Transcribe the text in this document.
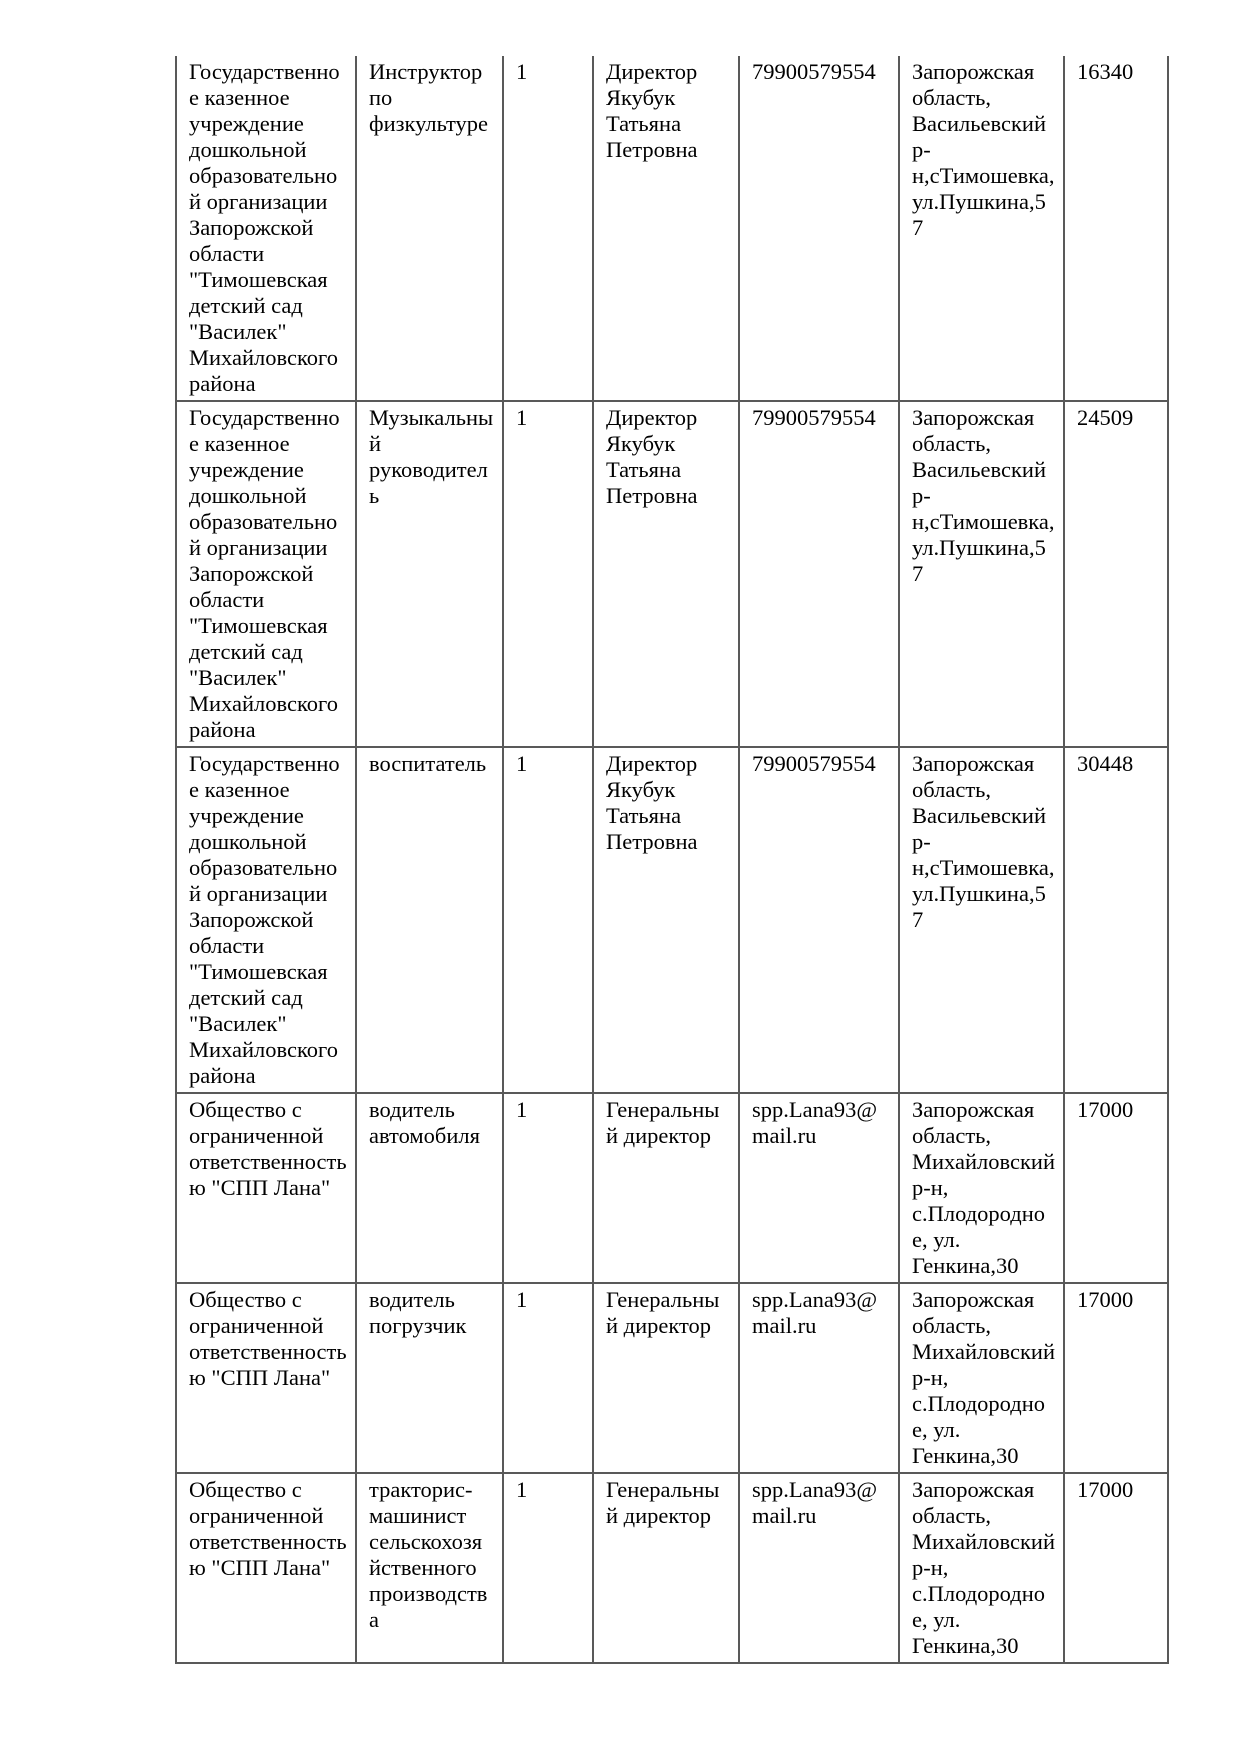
Государственное казенное учреждение дошкольной образовательной организации Запорожской области "Тимошевская детский сад "Василек" Михайловского района	Инструктор по физкультуре	1	Директор Якубук Татьяна Петровна	79900579554	Запорожская область, Васильевский р-н,сТимошевка, ул.Пушкина,57	16340
Государственное казенное учреждение дошкольной образовательной организации Запорожской области "Тимошевская детский сад "Василек" Михайловского района	Музыкальный руководитель	1	Директор Якубук Татьяна Петровна	79900579554	Запорожская область, Васильевский р-н,сТимошевка, ул.Пушкина,57	24509
Государственное казенное учреждение дошкольной образовательной организации Запорожской области "Тимошевская детский сад "Василек" Михайловского района	воспитатель	1	Директор Якубук Татьяна Петровна	79900579554	Запорожская область, Васильевский р-н,сТимошевка, ул.Пушкина,57	30448
Общество с ограниченной ответственностью "СПП Лана"	водитель автомобиля	1	Генеральный директор	spp.Lana93@mail.ru	Запорожская область, Михайловский р-н, с.Плодородное, ул. Генкина,30	17000
Общество с ограниченной ответственностью "СПП Лана"	водитель погрузчик	1	Генеральный директор	spp.Lana93@mail.ru	Запорожская область, Михайловский р-н, с.Плодородное, ул. Генкина,30	17000
Общество с ограниченной ответственностью "СПП Лана"	тракторис-машинист сельскохозяйственного производства	1	Генеральный директор	spp.Lana93@mail.ru	Запорожская область, Михайловский р-н, с.Плодородное, ул. Генкина,30	17000
